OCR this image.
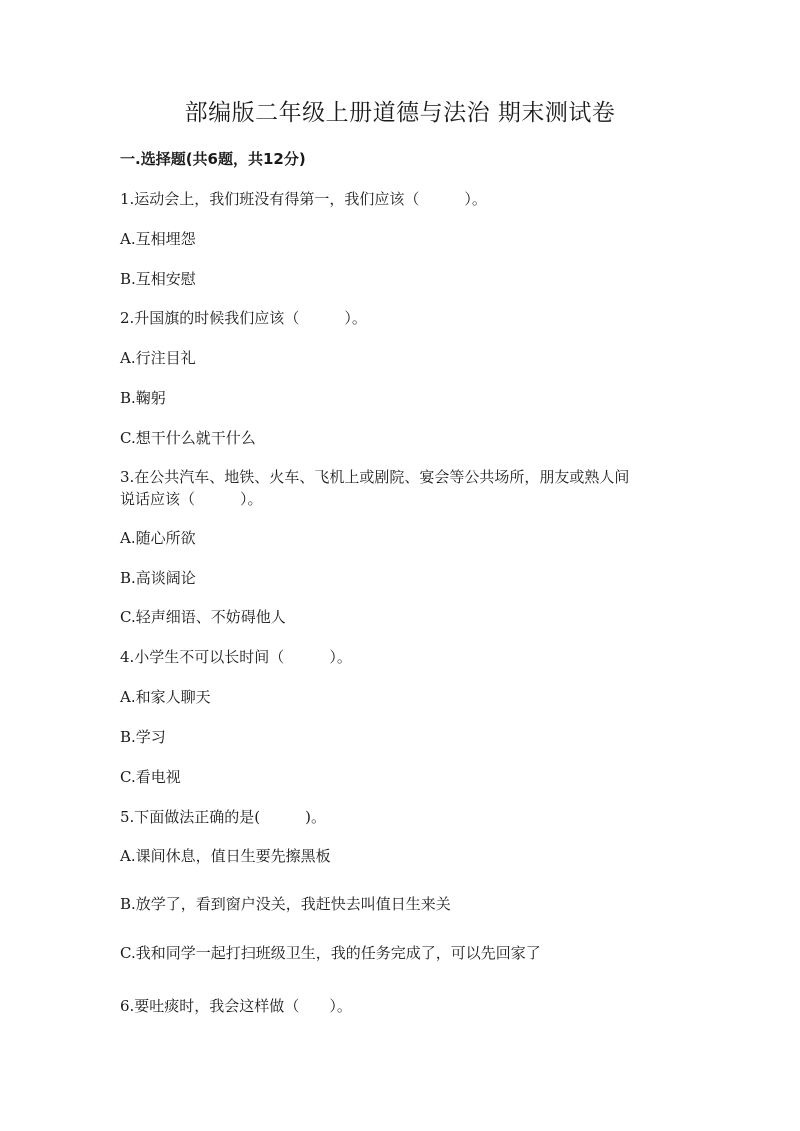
部编版二年级上册道德与法治 期末测试卷
一.选择题(共6题，共12分)
1.运动会上，我们班没有得第一，我们应该（　　　）。
A.互相埋怨
B.互相安慰
2.升国旗的时候我们应该（　　　）。
A.行注目礼
B.鞠躬
C.想干什么就干什么
3.在公共汽车、地铁、火车、飞机上或剧院、宴会等公共场所，朋友或熟人间
说话应该（　　　）。
A.随心所欲
B.高谈阔论
C.轻声细语、不妨碍他人
4.小学生不可以长时间（　　　）。
A.和家人聊天
B.学习
C.看电视
5.下面做法正确的是(　　　)。
A.课间休息，值日生要先擦黑板
B.放学了，看到窗户没关，我赶快去叫值日生来关
C.我和同学一起打扫班级卫生，我的任务完成了，可以先回家了
6.要吐痰时，我会这样做（　　）。
